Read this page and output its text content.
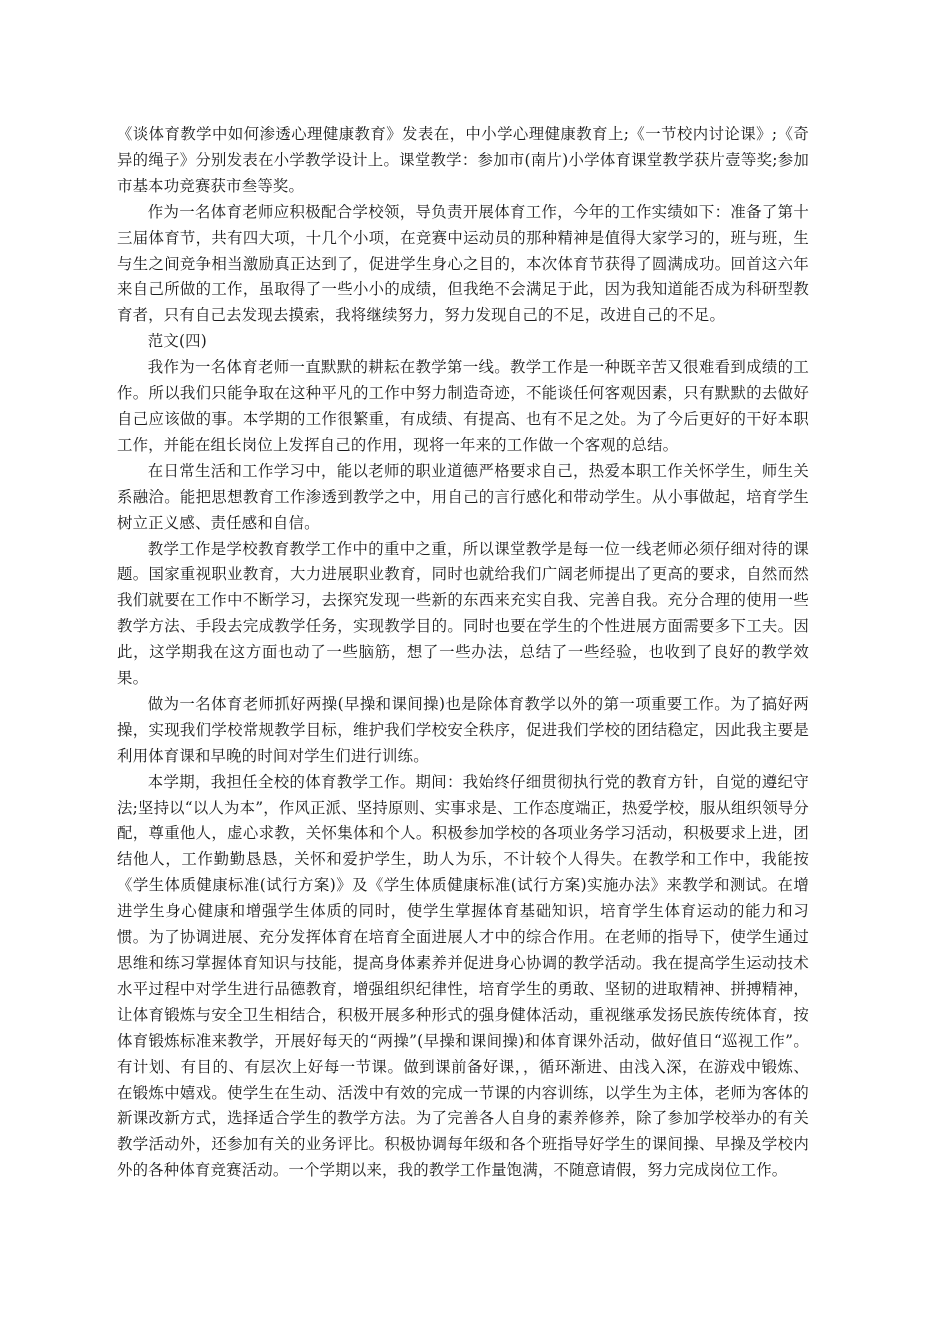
《谈体育教学中如何渗透心理健康教育》发表在，中小学心理健康教育上;《一节校内讨论课》;《奇异的绳子》分别发表在小学教学设计上。课堂教学：参加市(南片)小学体育课堂教学获片壹等奖;参加市基本功竞赛获市叁等奖。

作为一名体育老师应积极配合学校领，导负责开展体育工作，今年的工作实绩如下：准备了第十三届体育节，共有四大项，十几个小项，在竞赛中运动员的那种精神是值得大家学习的，班与班，生与生之间竞争相当激励真正达到了，促进学生身心之目的，本次体育节获得了圆满成功。回首这六年来自己所做的工作，虽取得了一些小小的成绩，但我绝不会满足于此，因为我知道能否成为科研型教育者，只有自己去发现去摸索，我将继续努力，努力发现自己的不足，改进自己的不足。

范文(四)

我作为一名体育老师一直默默的耕耘在教学第一线。教学工作是一种既辛苦又很难看到成绩的工作。所以我们只能争取在这种平凡的工作中努力制造奇迹，不能谈任何客观因素，只有默默的去做好自己应该做的事。本学期的工作很繁重，有成绩、有提高、也有不足之处。为了今后更好的干好本职工作，并能在组长岗位上发挥自己的作用，现将一年来的工作做一个客观的总结。

在日常生活和工作学习中，能以老师的职业道德严格要求自己，热爱本职工作关怀学生，师生关系融洽。能把思想教育工作渗透到教学之中，用自己的言行感化和带动学生。从小事做起，培育学生树立正义感、责任感和自信。

教学工作是学校教育教学工作中的重中之重，所以课堂教学是每一位一线老师必须仔细对待的课题。国家重视职业教育，大力进展职业教育，同时也就给我们广阔老师提出了更高的要求，自然而然我们就要在工作中不断学习，去探究发现一些新的东西来充实自我、完善自我。充分合理的使用一些教学方法、手段去完成教学任务，实现教学目的。同时也要在学生的个性进展方面需要多下工夫。因此，这学期我在这方面也动了一些脑筋，想了一些办法，总结了一些经验，也收到了良好的教学效果。

做为一名体育老师抓好两操(早操和课间操)也是除体育教学以外的第一项重要工作。为了搞好两操，实现我们学校常规教学目标，维护我们学校安全秩序，促进我们学校的团结稳定，因此我主要是利用体育课和早晚的时间对学生们进行训练。

本学期，我担任全校的体育教学工作。期间：我始终仔细贯彻执行党的教育方针，自觉的遵纪守法;坚持以“以人为本”，作风正派、坚持原则、实事求是、工作态度端正，热爱学校，服从组织领导分配，尊重他人，虚心求教，关怀集体和个人。积极参加学校的各项业务学习活动，积极要求上进，团结他人，工作勤勤恳恳，关怀和爱护学生，助人为乐，不计较个人得失。在教学和工作中，我能按《学生体质健康标准(试行方案)》及《学生体质健康标准(试行方案)实施办法》来教学和测试。在增进学生身心健康和增强学生体质的同时，使学生掌握体育基础知识，培育学生体育运动的能力和习惯。为了协调进展、充分发挥体育在培育全面进展人才中的综合作用。在老师的指导下，使学生通过思维和练习掌握体育知识与技能，提高身体素养并促进身心协调的教学活动。我在提高学生运动技术水平过程中对学生进行品德教育，增强组织纪律性，培育学生的勇敢、坚韧的进取精神、拼搏精神，让体育锻炼与安全卫生相结合，积极开展多种形式的强身健体活动，重视继承发扬民族传统体育，按体育锻炼标准来教学，开展好每天的“两操”(早操和课间操)和体育课外活动，做好值日“巡视工作”。有计划、有目的、有层次上好每一节课。做到课前备好课，，循环渐进、由浅入深，在游戏中锻炼、在锻炼中嬉戏。使学生在生动、活泼中有效的完成一节课的内容训练，以学生为主体，老师为客体的新课改新方式，选择适合学生的教学方法。为了完善各人自身的素养修养，除了参加学校举办的有关教学活动外，还参加有关的业务评比。积极协调每年级和各个班指导好学生的课间操、早操及学校内外的各种体育竞赛活动。一个学期以来，我的教学工作量饱满，不随意请假，努力完成岗位工作。
